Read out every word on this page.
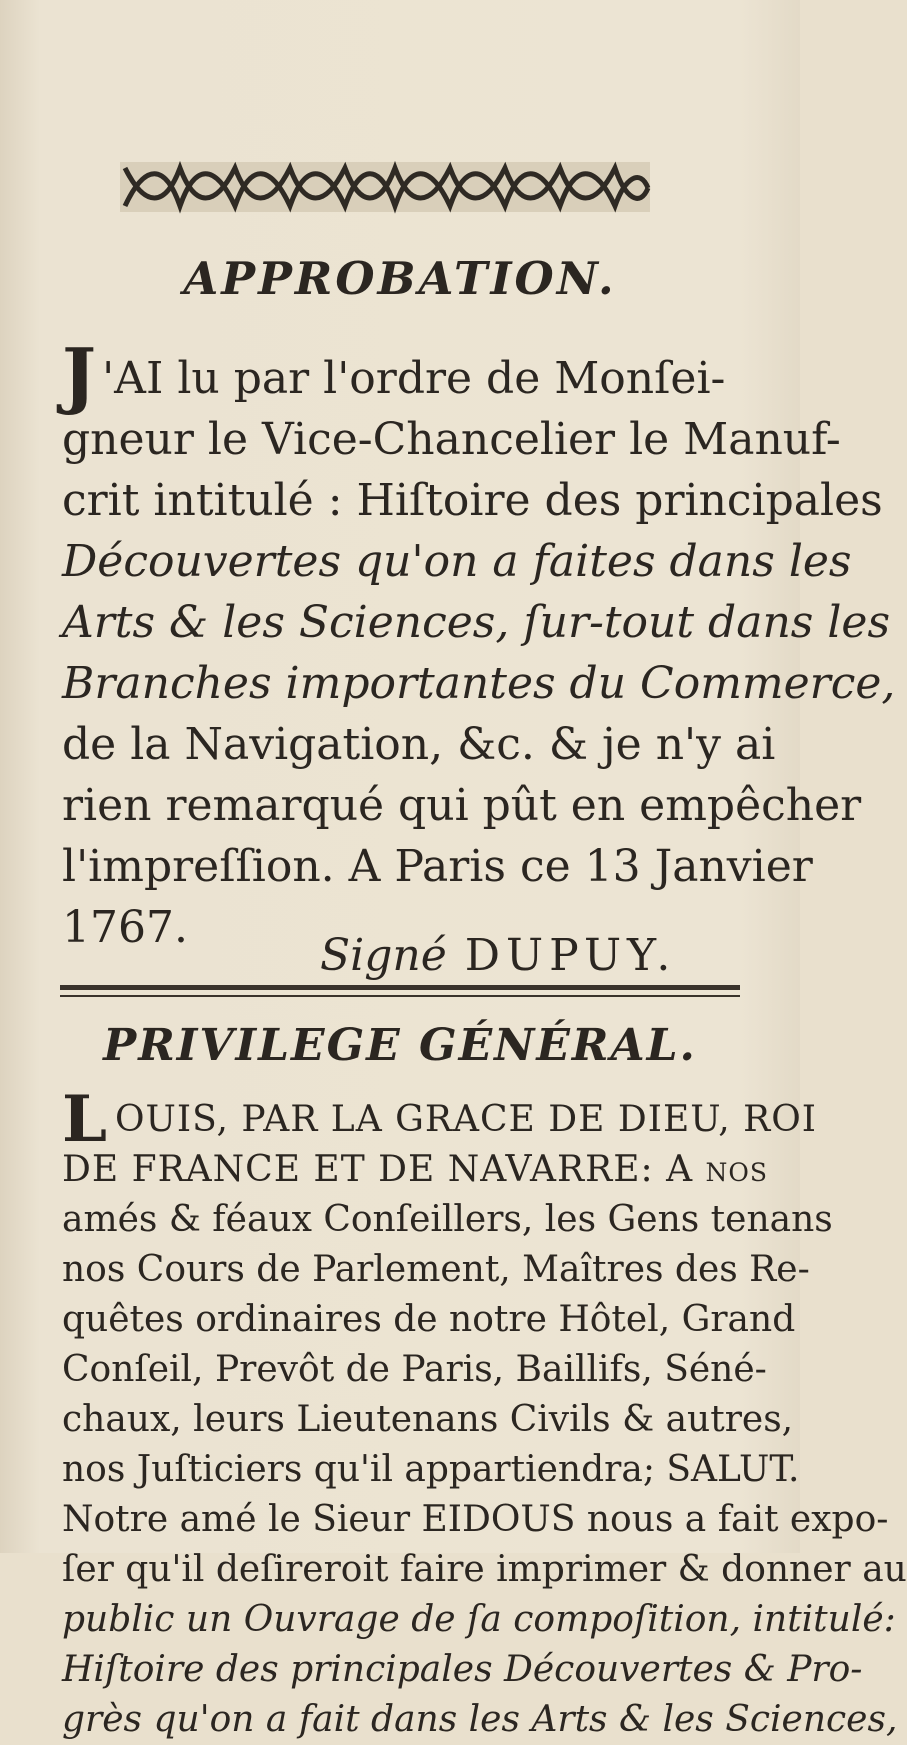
APPROBATION.
J 'AI lu par l'ordre de Monſei-
gneur le Vice-Chancelier le Manuf-
crit intitulé : Hiſtoire des principales
Découvertes qu'on a faites dans les
Arts & les Sciences, ſur-tout dans les
Branches importantes du Commerce,
de la Navigation, &c. & je n'y ai
rien remarqué qui pût en empêcher
l'impreſſion. A Paris ce 13 Janvier
1767.
Signé DUPUY.
PRIVILEGE GÉNÉRAL.
L OUIS, PAR LA GRACE DE DIEU, ROI
DE FRANCE ET DE NAVARRE: A nos
amés & féaux Conſeillers, les Gens tenans
nos Cours de Parlement, Maîtres des Re-
quêtes ordinaires de notre Hôtel, Grand
Conſeil, Prevôt de Paris, Baillifs, Séné-
chaux, leurs Lieutenans Civils & autres,
nos Juſticiers qu'il appartiendra; SALUT.
Notre amé le Sieur EIDOUS nous a fait expo-
ſer qu'il deſireroit faire imprimer & donner au
public un Ouvrage de ſa compoſition, intitulé:
Hiſtoire des principales Découvertes & Pro-
grès qu'on a fait dans les Arts & les Sciences,
